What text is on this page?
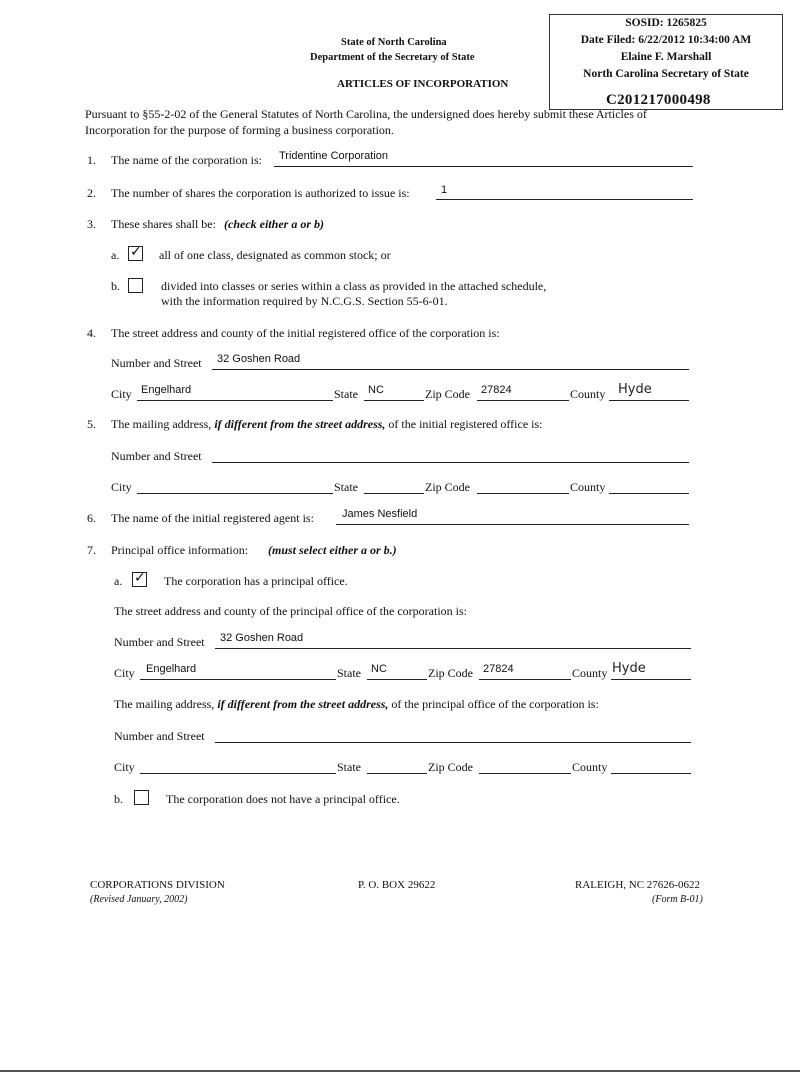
SOSID: 1265825
Date Filed: 6/22/2012 10:34:00 AM
Elaine F. Marshall
North Carolina Secretary of State
C201217000498
State of North Carolina
Department of the Secretary of State
ARTICLES OF INCORPORATION
Pursuant to §55-2-02 of the General Statutes of North Carolina, the undersigned does hereby submit these Articles of
Incorporation for the purpose of forming a business corporation.
1. The name of the corporation is: Tridentine Corporation
2. The number of shares the corporation is authorized to issue is:	1
3. These shares shall be: (check either a or b)
a. ✓ all of one class, designated as common stock; or
b.	divided into classes or series within a class as provided in the attached schedule,
with the information required by N.C.G.S. Section 55-6-01.
4. The street address and county of the initial registered office of the corporation is:
Number and Street 32 Goshen Road
City Engelhard	State NC	Zip Code 27824	County Hyde
5. The mailing address, if different from the street address, of the initial registered office is:
Number and Street
City	State	Zip Code	County
6. The name of the initial registered agent is:	James Nesfield
7. Principal office information: (must select either a or b.)
a. ✓ The corporation has a principal office.
The street address and county of the principal office of the corporation is:
Number and Street 32 Goshen Road
City Engelhard	State NC	Zip Code 27824	County Hyde
The mailing address, if different from the street address, of the principal office of the corporation is:
Number and Street
City	State	Zip Code	County
b.	The corporation does not have a principal office.
CORPORATIONS DIVISION
(Revised January, 2002)
P. O. BOX 29622	RALEIGH, NC 27626-0622
(Form B-01)
